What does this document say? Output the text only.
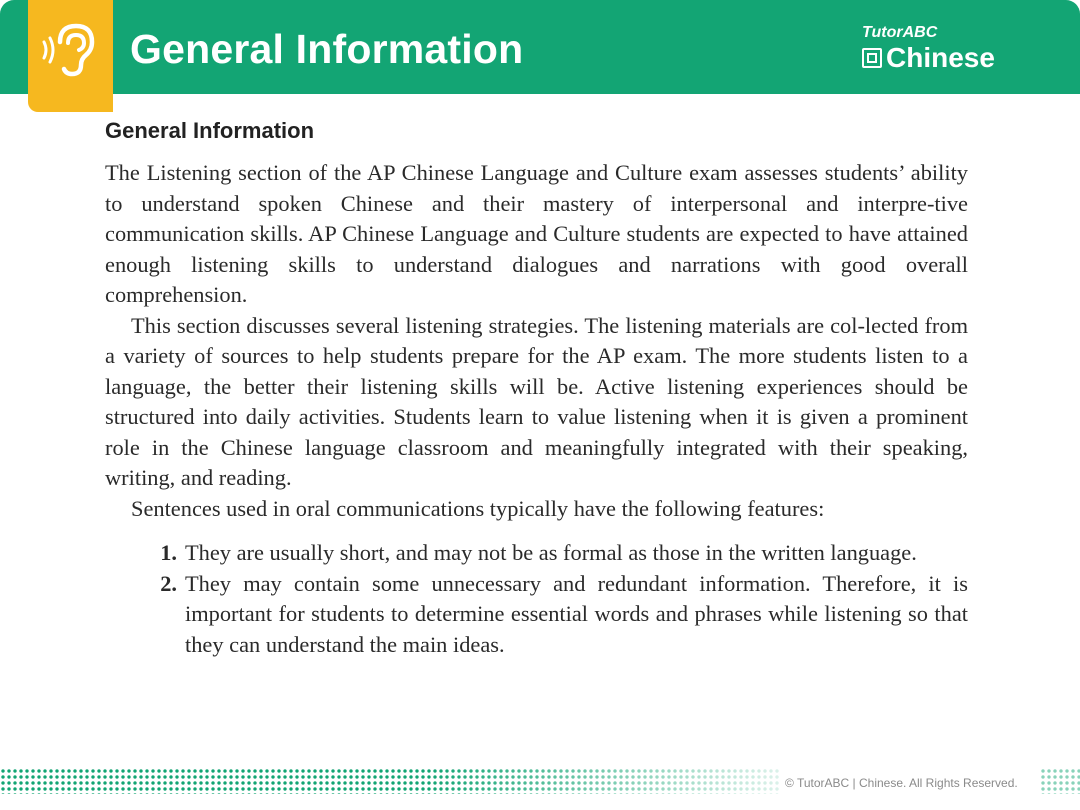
General Information	TutorABC
Chinese
General Information

The Listening section of the AP Chinese Language and Culture exam assesses students’ ability to understand spoken Chinese and their mastery of interpersonal and interpre-tive communication skills. AP Chinese Language and Culture students are expected to have attained enough listening skills to understand dialogues and narrations with good overall comprehension.

This section discusses several listening strategies. The listening materials are col-lected from a variety of sources to help students prepare for the AP exam. The more students listen to a language, the better their listening skills will be. Active listening experiences should be structured into daily activities. Students learn to value listening when it is given a prominent role in the Chinese language classroom and meaningfully integrated with their speaking, writing, and reading.

Sentences used in oral communications typically have the following features:

1. They are usually short, and may not be as formal as those in the written language.
2. They may contain some unnecessary and redundant information. Therefore, it is important for students to determine essential words and phrases while listening so that they can understand the main ideas.
© TutorABC | Chinese. All Rights Reserved.
